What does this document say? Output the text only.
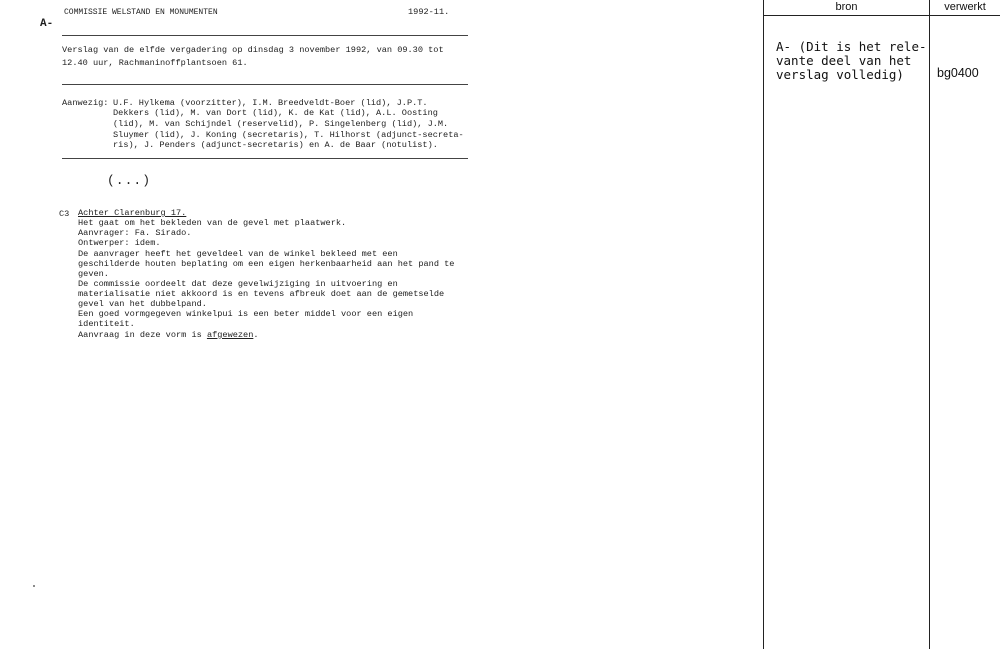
COMMISSIE WELSTAND EN MONUMENTEN	1992-11.
A-
Verslag van de elfde vergadering op dinsdag 3 november 1992, van 09.30 tot
12.40 uur, Rachmaninoffplantsoen 61.
Aanwezig: U.F. Hylkema (voorzitter), I.M. Breedveldt-Boer (lid), J.P.T.
Dekkers (lid), M. van Dort (lid), K. de Kat (lid), A.L. Oosting
(lid), M. van Schijndel (reservelid), P. Singelenberg (lid), J.M.
Sluymer (lid), J. Koning (secretaris), T. Hilhorst (adjunct-secreta-
ris), J. Penders (adjunct-secretaris) en A. de Baar (notulist).
(...)
C3 Achter Clarenburg 17.
Het gaat om het bekleden van de gevel met plaatwerk.
Aanvrager: Fa. Sirado.
Ontwerper: idem.
De aanvrager heeft het geveldeel van de winkel bekleed met een
geschilderde houten beplating om een eigen herkenbaarheid aan het pand te
geven.
De commissie oordeelt dat deze gevelwijziging in uitvoering en
materialisatie niet akkoord is en tevens afbreuk doet aan de gemetselde
gevel van het dubbelpand.
Een goed vormgegeven winkelpui is een beter middel voor een eigen
identiteit.
Aanvraag in deze vorm is afgewezen.
bron	verwerkt
A- (Dit is het rele-
vante deel van het
verslag volledig)	bg0400
